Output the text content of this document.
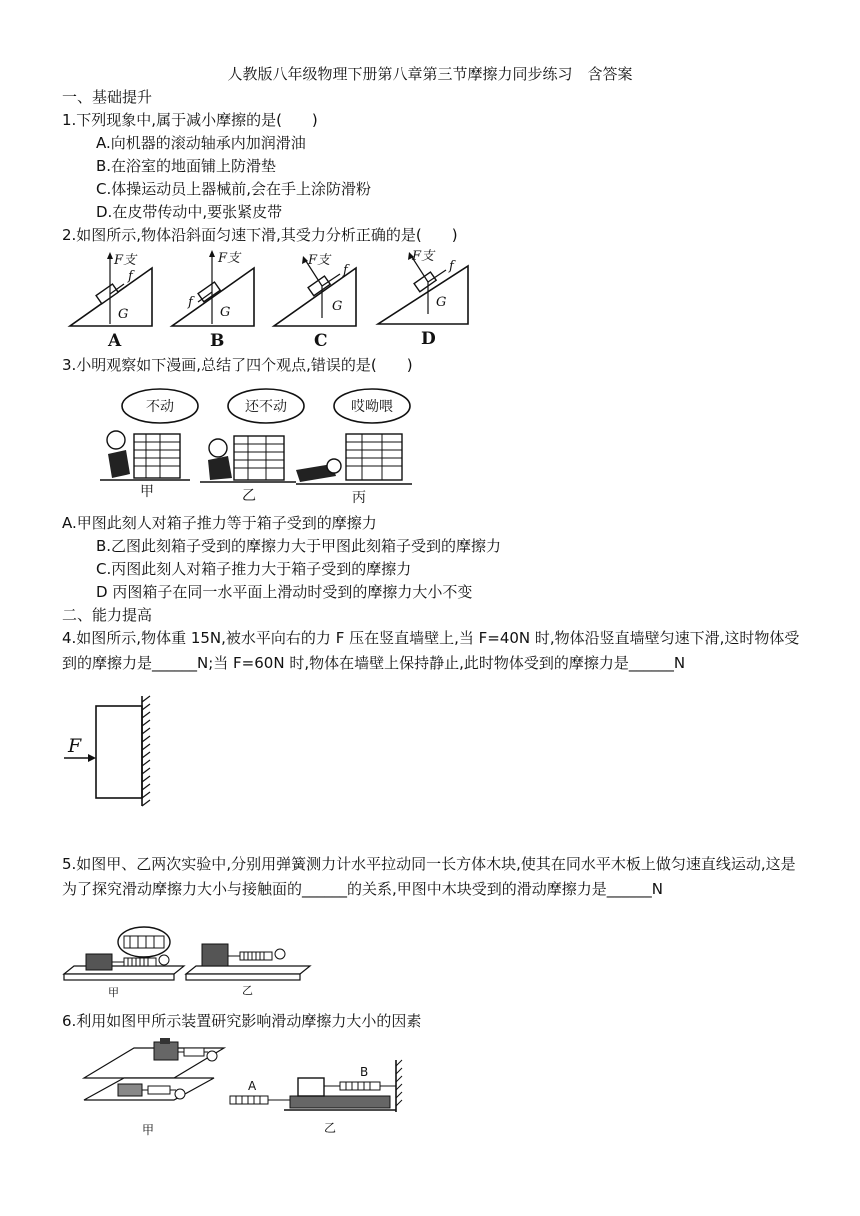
人教版八年级物理下册第八章第三节摩擦力同步练习　含答案
一、基础提升
1.下列现象中,属于减小摩擦的是(　　)
A.向机器的滚动轴承内加润滑油
B.在浴室的地面铺上防滑垫
C.体操运动员上器械前,会在手上涂防滑粉
D.在皮带传动中,要张紧皮带
2.如图所示,物体沿斜面匀速下滑,其受力分析正确的是(　　)
F支
f
G
A
F支
f
G
B
F支
f
G
C
F支
f
G
D
3.小明观察如下漫画,总结了四个观点,错误的是(　　)
不动	还不动	哎呦喂
甲	乙	丙
A.甲图此刻人对箱子推力等于箱子受到的摩擦力
B.乙图此刻箱子受到的摩擦力大于甲图此刻箱子受到的摩擦力
C.丙图此刻人对箱子推力大于箱子受到的摩擦力
D 丙图箱子在同一水平面上滑动时受到的摩擦力大小不变
二、能力提高
4.如图所示,物体重 15N,被水平向右的力 F 压在竖直墙壁上,当 F=40N 时,物体沿竖直墙壁匀速下滑,这时物体受到的摩擦力是______N;当 F=60N 时,物体在墙壁上保持静止,此时物体受到的摩擦力是______N
F
5.如图甲、乙两次实验中,分别用弹簧测力计水平拉动同一长方体木块,使其在同水平木板上做匀速直线运动,这是为了探究滑动摩擦力大小与接触面的______的关系,甲图中木块受到的滑动摩擦力是______N
甲	乙
6.利用如图甲所示装置研究影响滑动摩擦力大小的因素
甲
A
B
乙
